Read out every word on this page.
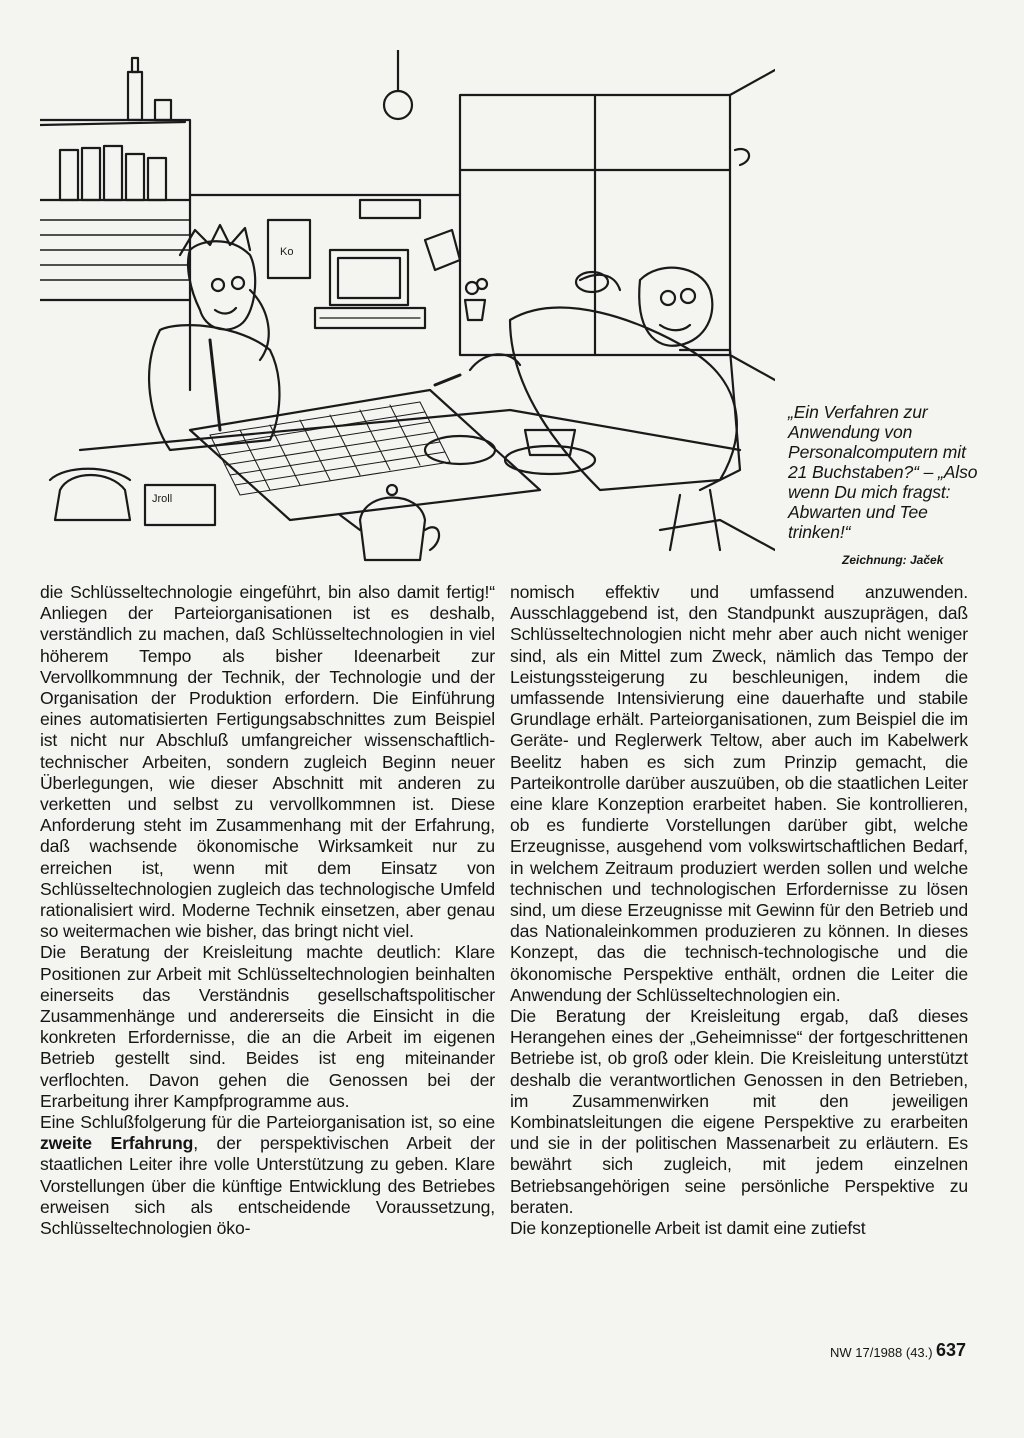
Ko
Jroll
„Ein Verfahren zur Anwendung von Personalcomputern mit 21 Buchstaben?“ – „Also wenn Du mich fragst: Abwarten und Tee trinken!“
Zeichnung: Jaček

die Schlüsseltechnologie eingeführt, bin also damit fertig!“ Anliegen der Parteiorganisationen ist es deshalb, verständlich zu machen, daß Schlüsseltechnologien in viel höherem Tempo als bisher Ideenarbeit zur Vervollkommnung der Technik, der Technologie und der Organisation der Produktion erfordern. Die Einführung eines automatisierten Fertigungsabschnittes zum Beispiel ist nicht nur Abschluß umfangreicher wissenschaftlich-technischer Arbeiten, sondern zugleich Beginn neuer Überlegungen, wie dieser Abschnitt mit anderen zu verketten und selbst zu vervollkommnen ist. Diese Anforderung steht im Zusammenhang mit der Erfahrung, daß wachsende ökonomische Wirksamkeit nur zu erreichen ist, wenn mit dem Einsatz von Schlüsseltechnologien zugleich das technologische Umfeld rationalisiert wird. Moderne Technik einsetzen, aber genau so weitermachen wie bisher, das bringt nicht viel.

Die Beratung der Kreisleitung machte deutlich: Klare Positionen zur Arbeit mit Schlüsseltechnologien beinhalten einerseits das Verständnis gesellschaftspolitischer Zusammenhänge und andererseits die Einsicht in die konkreten Erfordernisse, die an die Arbeit im eigenen Betrieb gestellt sind. Beides ist eng miteinander verflochten. Davon gehen die Genossen bei der Erarbeitung ihrer Kampfprogramme aus.

Eine Schlußfolgerung für die Parteiorganisation ist, so eine zweite Erfahrung, der perspektivischen Arbeit der staatlichen Leiter ihre volle Unterstützung zu geben. Klare Vorstellungen über die künftige Entwicklung des Betriebes erweisen sich als entscheidende Voraussetzung, Schlüsseltechnologien öko-

nomisch effektiv und umfassend anzuwenden. Ausschlaggebend ist, den Standpunkt auszuprägen, daß Schlüsseltechnologien nicht mehr aber auch nicht weniger sind, als ein Mittel zum Zweck, nämlich das Tempo der Leistungssteigerung zu beschleunigen, indem die umfassende Intensivierung eine dauerhafte und stabile Grundlage erhält. Parteiorganisationen, zum Beispiel die im Geräte- und Reglerwerk Teltow, aber auch im Kabelwerk Beelitz haben es sich zum Prinzip gemacht, die Parteikontrolle darüber auszuüben, ob die staatlichen Leiter eine klare Konzeption erarbeitet haben. Sie kontrollieren, ob es fundierte Vorstellungen darüber gibt, welche Erzeugnisse, ausgehend vom volkswirtschaftlichen Bedarf, in welchem Zeitraum produziert werden sollen und welche technischen und technologischen Erfordernisse zu lösen sind, um diese Erzeugnisse mit Gewinn für den Betrieb und das Nationaleinkommen produzieren zu können. In dieses Konzept, das die technisch-technologische und die ökonomische Perspektive enthält, ordnen die Leiter die Anwendung der Schlüsseltechnologien ein.

Die Beratung der Kreisleitung ergab, daß dieses Herangehen eines der „Geheimnisse“ der fortgeschrittenen Betriebe ist, ob groß oder klein. Die Kreisleitung unterstützt deshalb die verantwortlichen Genossen in den Betrieben, im Zusammenwirken mit den jeweiligen Kombinatsleitungen die eigene Perspektive zu erarbeiten und sie in der politischen Massenarbeit zu erläutern. Es bewährt sich zugleich, mit jedem einzelnen Betriebsangehörigen seine persönliche Perspektive zu beraten.

Die konzeptionelle Arbeit ist damit eine zutiefst

NW 17/1988 (43.) 637
